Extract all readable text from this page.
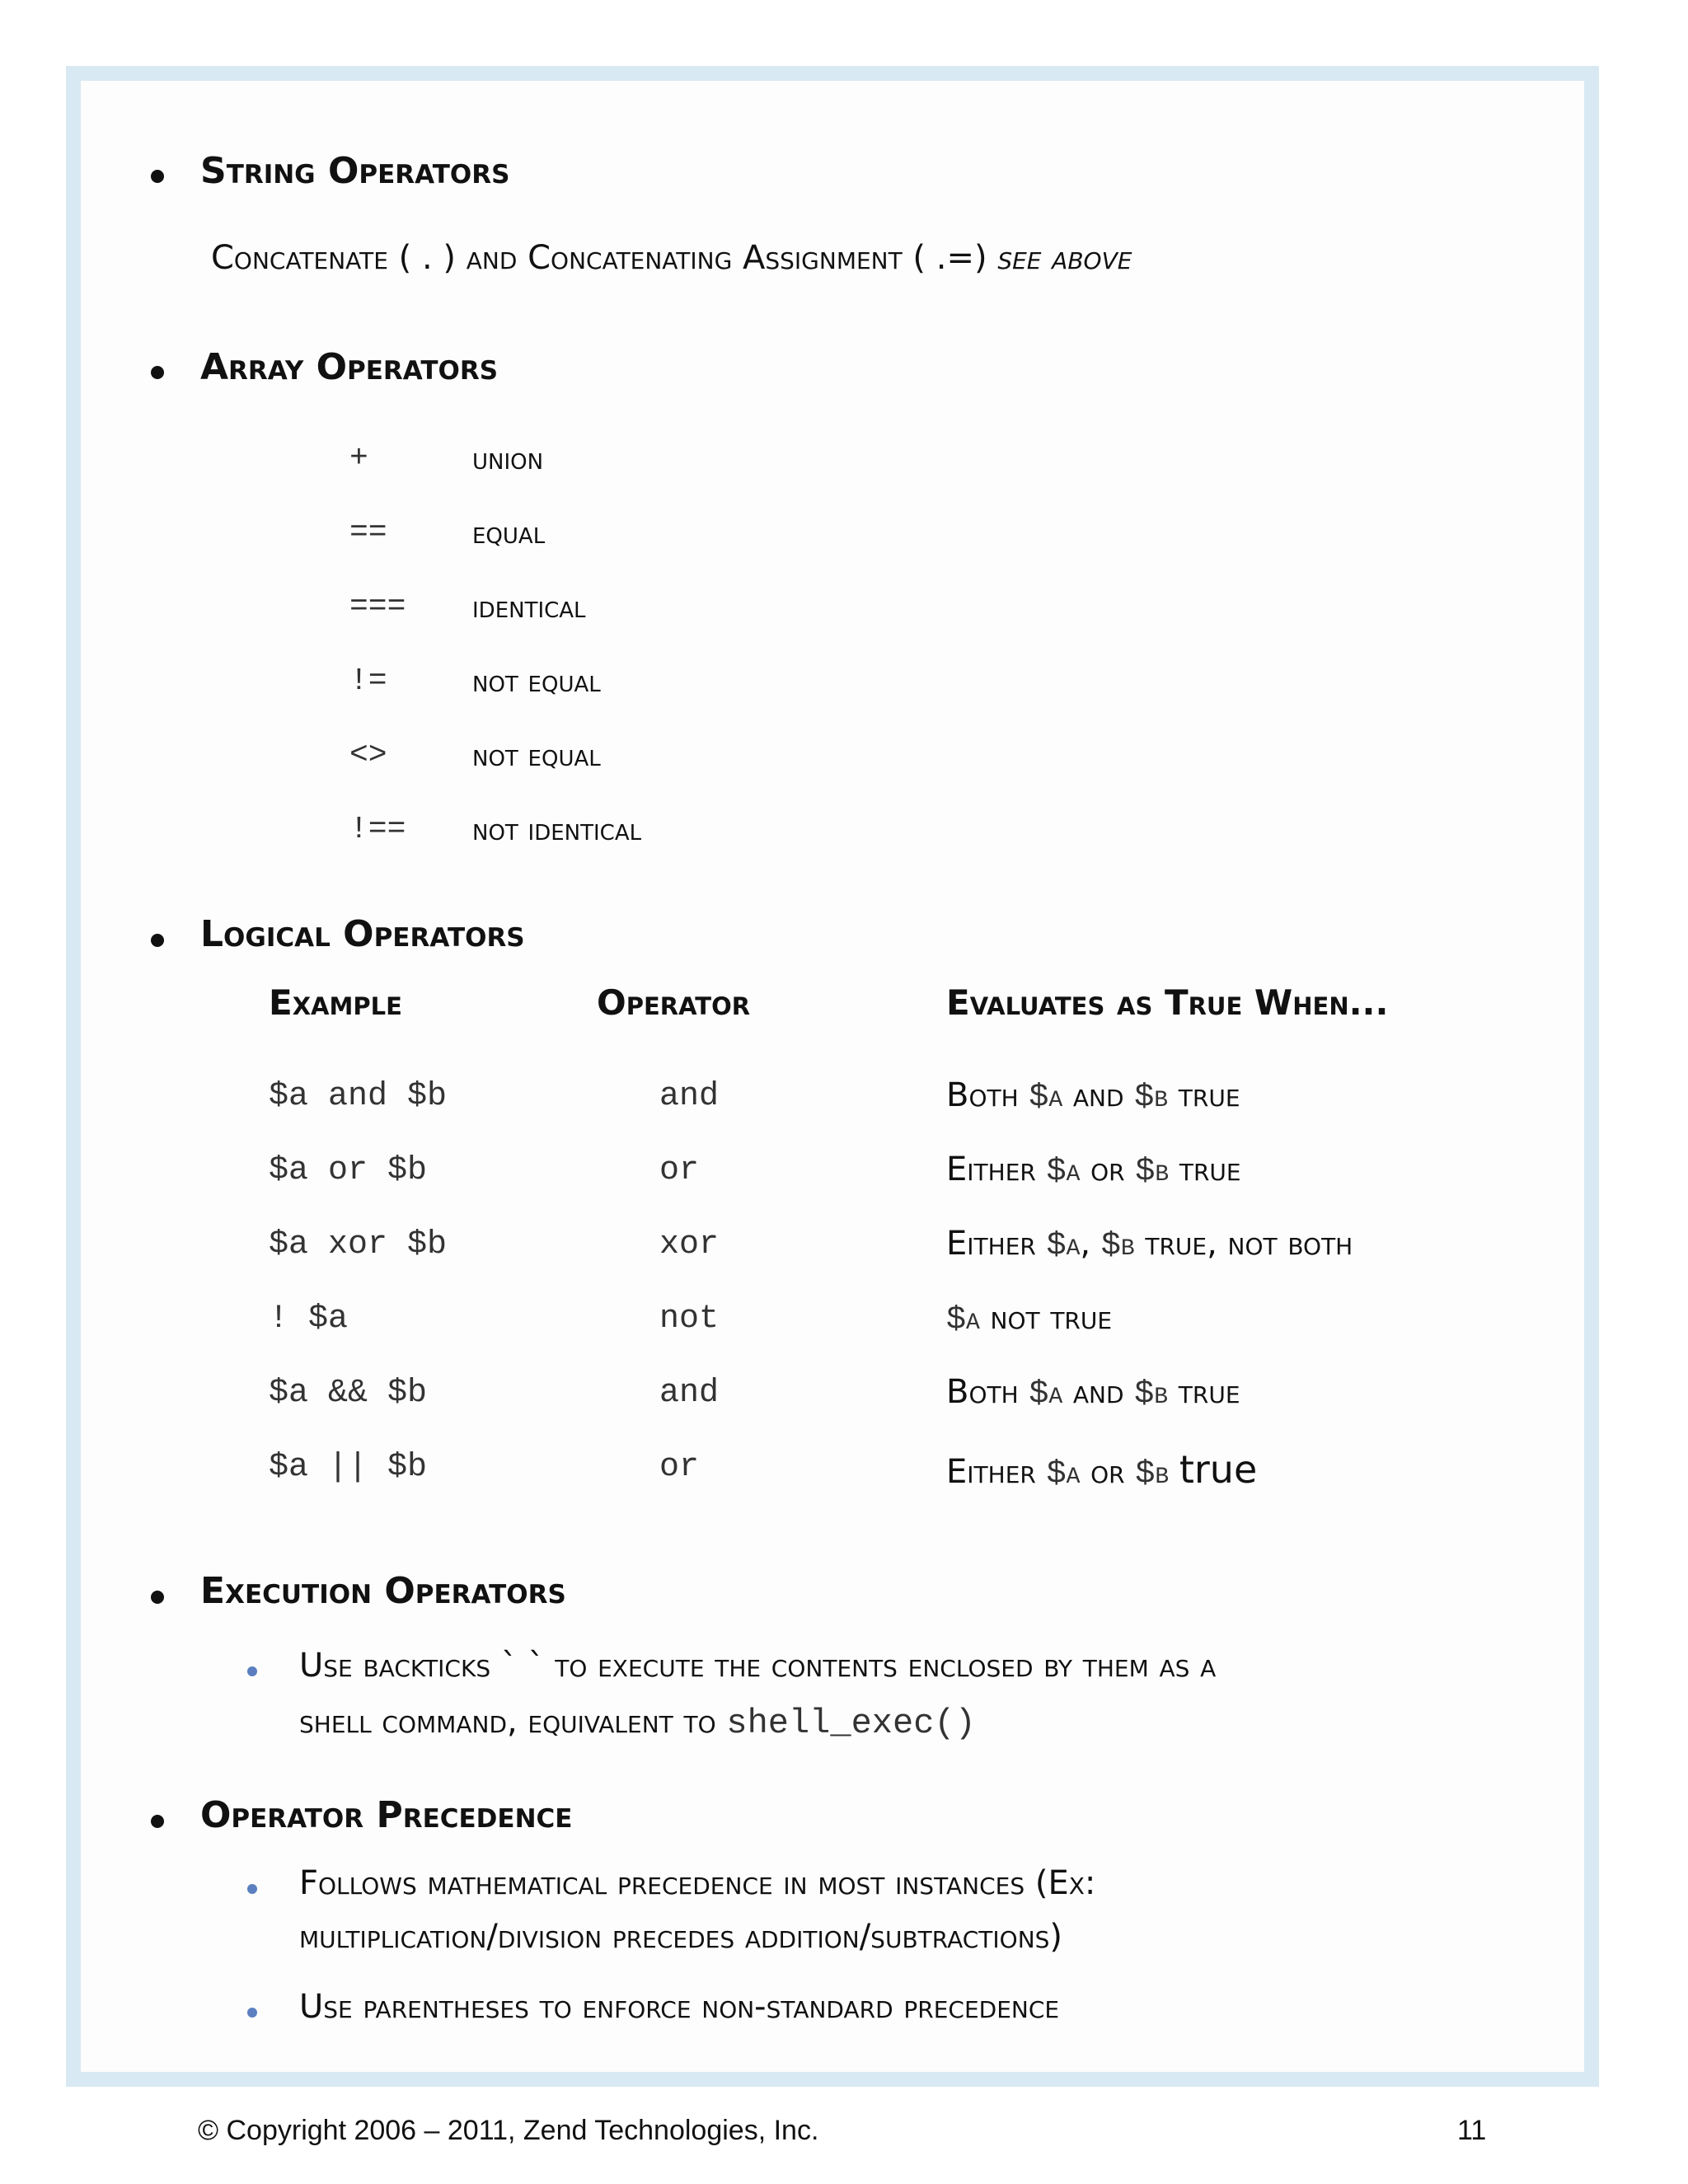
String Operators
Concatenate ( . ) and Concatenating Assignment ( .=) see above
Array Operators
+	union
==	equal
=== identical
!=	not equal
<>	not equal
!== not identical
Logical Operators
Example	Operator	Evaluates as True When...
$a and $b	and	Both $a and $b true
$a or $b	or	Either $a or $b true
$a xor $b	xor	Either $a, $b true, not both
! $a	not	$a not true
$a && $b	and	Both $a and $b true
$a || $b	or	Either $a or $b true
Execution Operators
Use backticks ` ` to execute the contents enclosed by them as a
shell command, equivalent to shell_exec()
Operator Precedence
Follows mathematical precedence in most instances (Ex:
multiplication/division precedes addition/subtractions)
Use parentheses to enforce non-standard precedence
© Copyright 2006 – 2011, Zend Technologies, Inc.	11
